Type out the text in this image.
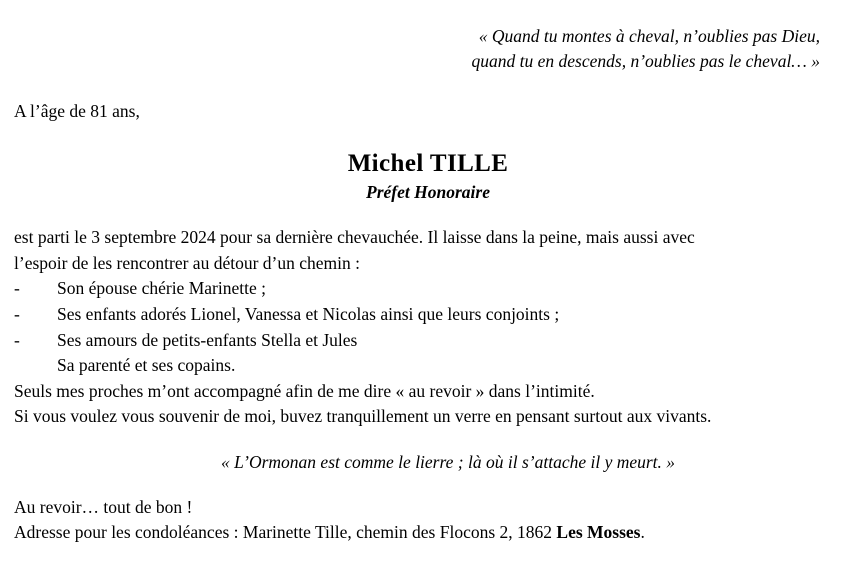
« Quand tu montes à cheval, n’oublies pas Dieu,
quand tu en descends, n’oublies pas le cheval… »
A l’âge de 81 ans,
Michel TILLE
Préfet Honoraire

est parti le 3 septembre 2024 pour sa dernière chevauchée. Il laisse dans la peine, mais aussi avec

l’espoir de les rencontrer au détour d’un chemin :

-	Son épouse chérie Marinette ;
-	Ses enfants adorés Lionel, Vanessa et Nicolas ainsi que leurs conjoints ;
-	Ses amours de petits-enfants Stella et Jules
Sa parenté et ses copains.

Seuls mes proches m’ont accompagné afin de me dire « au revoir » dans l’intimité.

Si vous voulez vous souvenir de moi, buvez tranquillement un verre en pensant surtout aux vivants.

« L’Ormonan est comme le lierre ; là où il s’attache il y meurt. »

Au revoir… tout de bon !

Adresse pour les condoléances : Marinette Tille, chemin des Flocons 2, 1862 Les Mosses.
